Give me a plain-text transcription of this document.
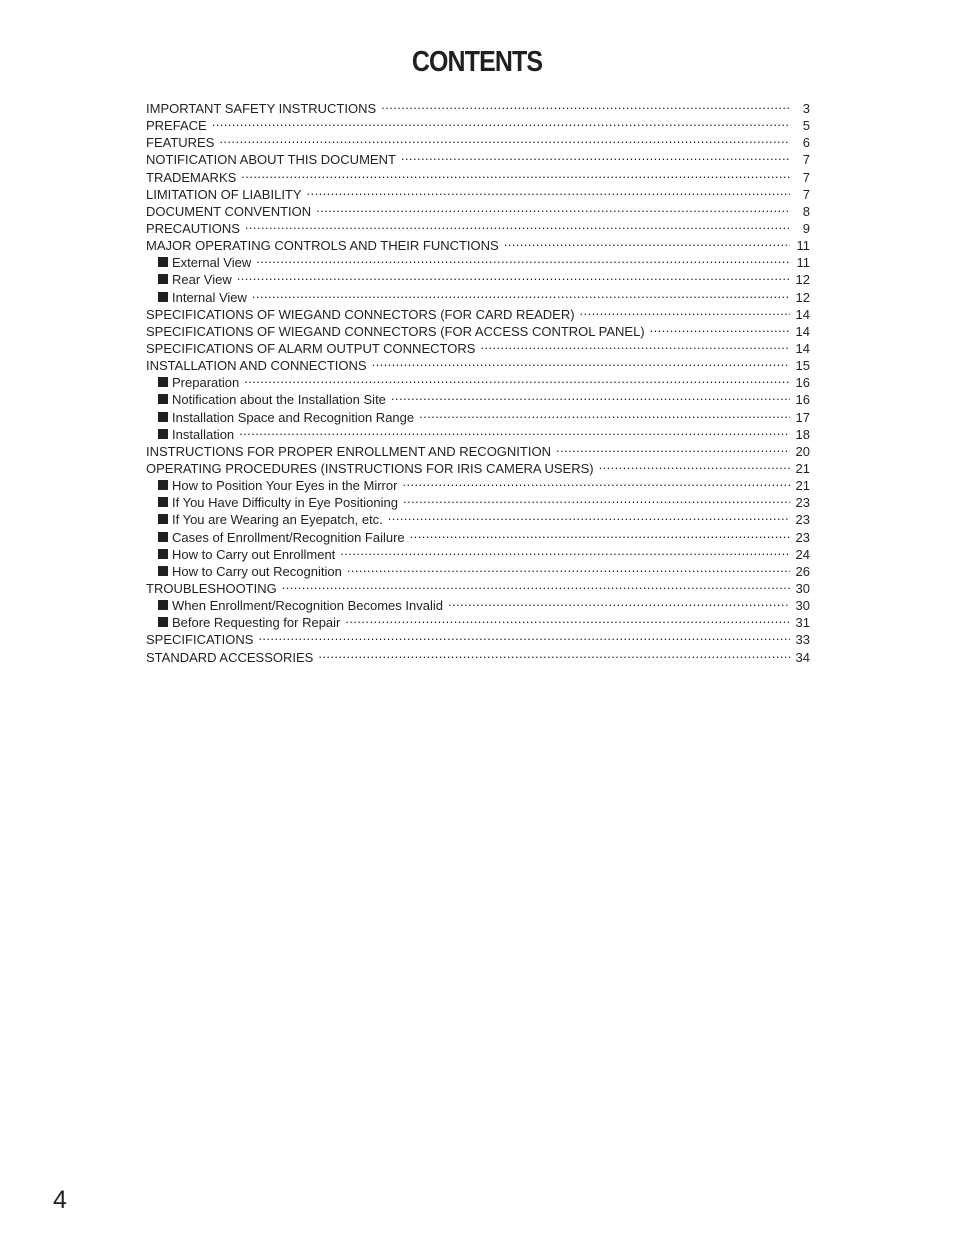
CONTENTS
IMPORTANT SAFETY INSTRUCTIONS .....	3
PREFACE .....	5
FEATURES .....	6
NOTIFICATION ABOUT THIS DOCUMENT .....	7
TRADEMARKS .....	7
LIMITATION OF LIABILITY .....	7
DOCUMENT CONVENTION .....	8
PRECAUTIONS .....	9
MAJOR OPERATING CONTROLS AND THEIR FUNCTIONS .....	11
External View .....	11
Rear View .....	12
Internal View .....	12
SPECIFICATIONS OF WIEGAND CONNECTORS (FOR CARD READER) .....	14
SPECIFICATIONS OF WIEGAND CONNECTORS (FOR ACCESS CONTROL PANEL) .....	14
SPECIFICATIONS OF ALARM OUTPUT CONNECTORS .....	14
INSTALLATION AND CONNECTIONS .....	15
Preparation .....	16
Notification about the Installation Site .....	16
Installation Space and Recognition Range .....	17
Installation .....	18
INSTRUCTIONS FOR PROPER ENROLLMENT AND RECOGNITION .....	20
OPERATING PROCEDURES (INSTRUCTIONS FOR IRIS CAMERA USERS) .....	21
How to Position Your Eyes in the Mirror .....	21
If You Have Difficulty in Eye Positioning .....	23
If You are Wearing an Eyepatch, etc. .....	23
Cases of Enrollment/Recognition Failure .....	23
How to Carry out Enrollment .....	24
How to Carry out Recognition .....	26
TROUBLESHOOTING .....	30
When Enrollment/Recognition Becomes Invalid .....	30
Before Requesting for Repair .....	31
SPECIFICATIONS .....	33
STANDARD ACCESSORIES .....	34
4
